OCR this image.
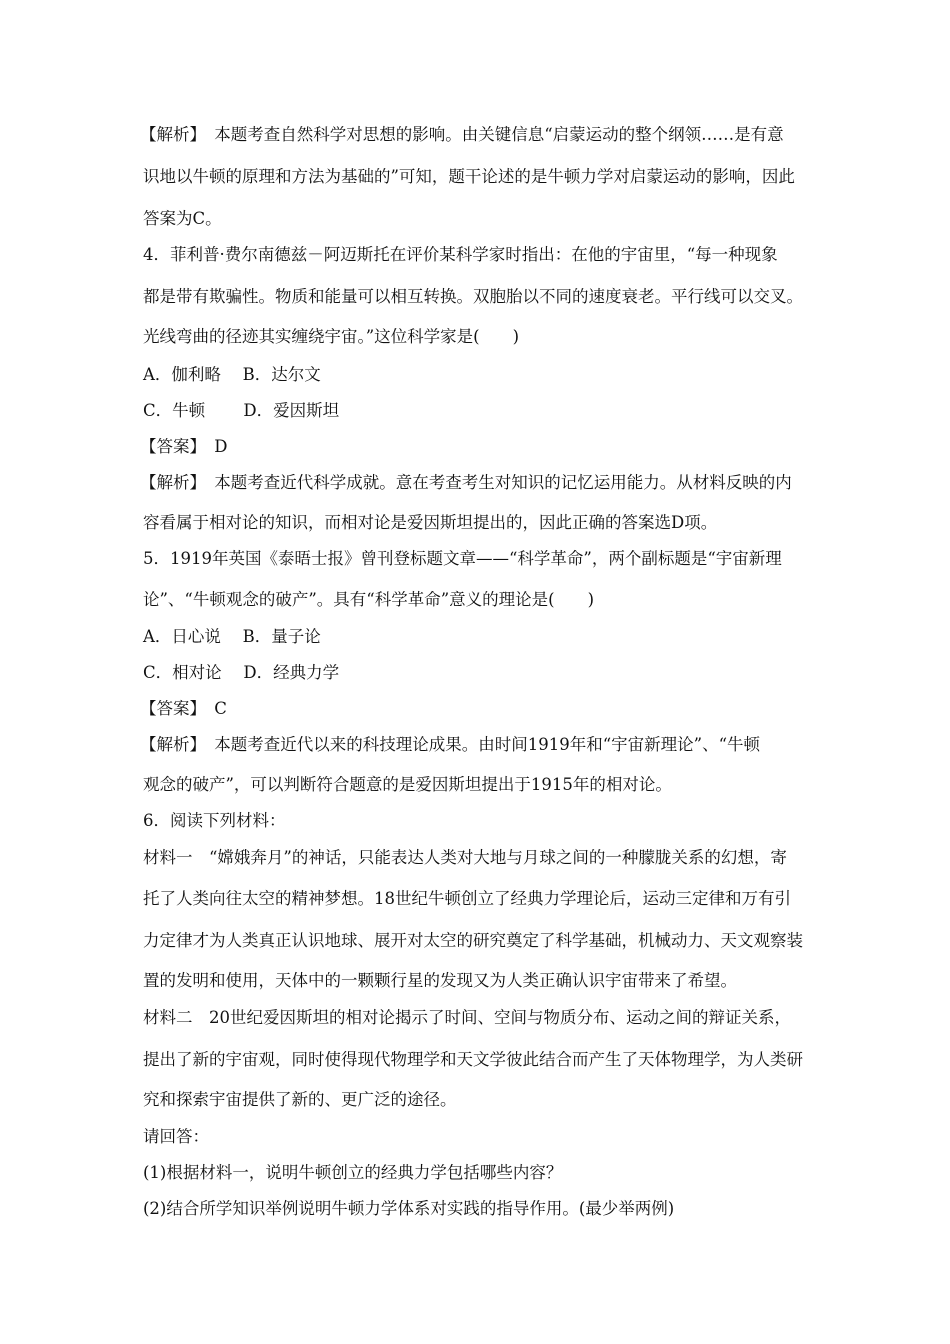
【解析】　本题考查自然科学对思想的影响。由关键信息“启蒙运动的整个纲领……是有意
识地以牛顿的原理和方法为基础的”可知，题干论述的是牛顿力学对启蒙运动的影响，因此
答案为C。
4．菲利普·费尔南德兹－阿迈斯托在评价某科学家时指出：在他的宇宙里，“每一种现象
都是带有欺骗性。物质和能量可以相互转换。双胞胎以不同的速度衰老。平行线可以交叉。
光线弯曲的径迹其实缠绕宇宙。”这位科学家是(　　)
A．伽利略　 B．达尔文
C．牛顿　　 D．爱因斯坦
【答案】　D
【解析】　本题考查近代科学成就。意在考查考生对知识的记忆运用能力。从材料反映的内
容看属于相对论的知识，而相对论是爱因斯坦提出的，因此正确的答案选D项。
5．1919年英国《泰晤士报》曾刊登标题文章——“科学革命”，两个副标题是“宇宙新理
论”、“牛顿观念的破产”。具有“科学革命”意义的理论是(　　)
A．日心说　 B．量子论
C．相对论　 D．经典力学
【答案】　C
【解析】　本题考查近代以来的科技理论成果。由时间1919年和“宇宙新理论”、“牛顿
观念的破产”，可以判断符合题意的是爱因斯坦提出于1915年的相对论。
6．阅读下列材料：
材料一　“嫦娥奔月”的神话，只能表达人类对大地与月球之间的一种朦胧关系的幻想，寄
托了人类向往太空的精神梦想。18世纪牛顿创立了经典力学理论后，运动三定律和万有引
力定律才为人类真正认识地球、展开对太空的研究奠定了科学基础，机械动力、天文观察装
置的发明和使用，天体中的一颗颗行星的发现又为人类正确认识宇宙带来了希望。
材料二　20世纪爱因斯坦的相对论揭示了时间、空间与物质分布、运动之间的辩证关系，
提出了新的宇宙观，同时使得现代物理学和天文学彼此结合而产生了天体物理学，为人类研
究和探索宇宙提供了新的、更广泛的途径。
请回答：
(1)根据材料一，说明牛顿创立的经典力学包括哪些内容？
(2)结合所学知识举例说明牛顿力学体系对实践的指导作用。(最少举两例)
